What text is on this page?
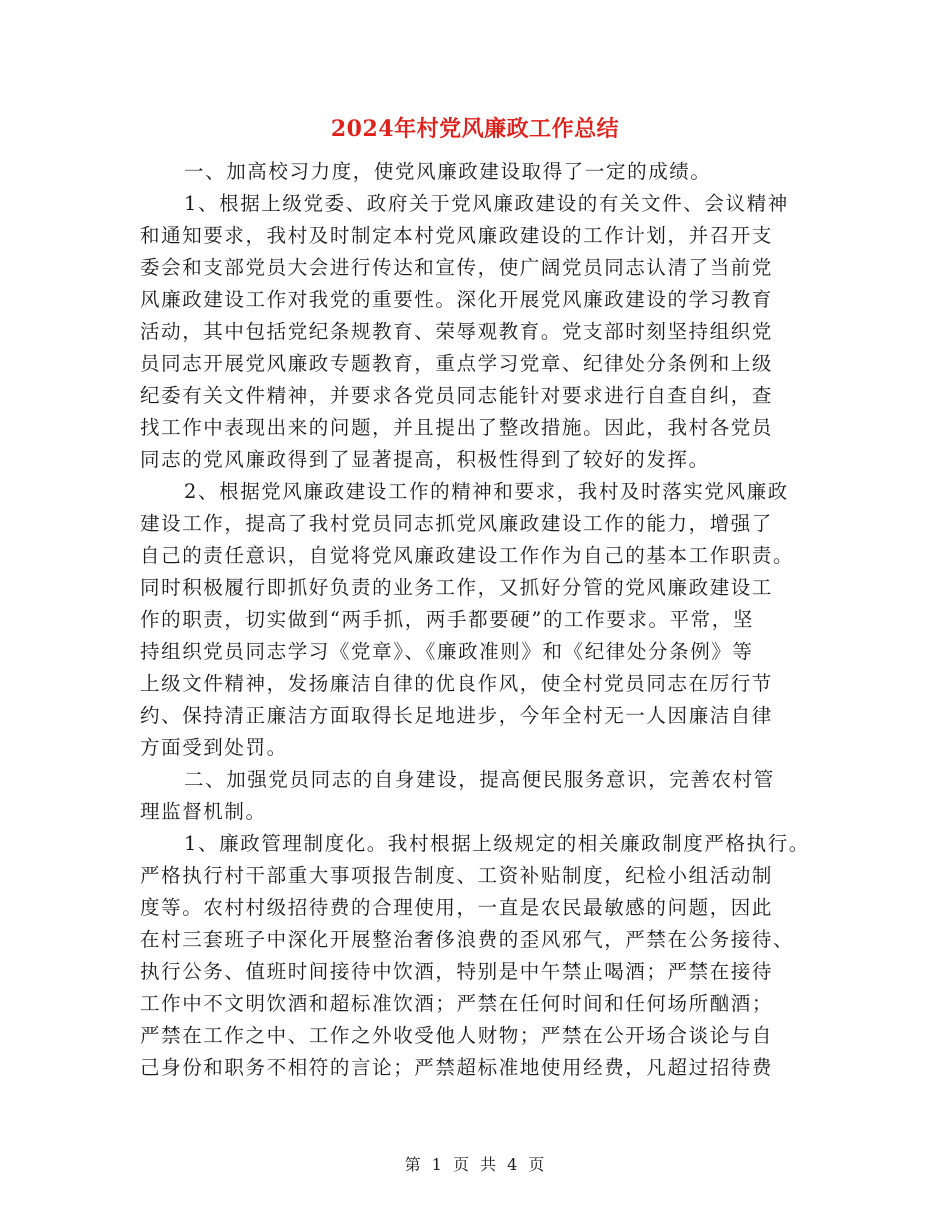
2024年村党风廉政工作总结
一、加高校习力度，使党风廉政建设取得了一定的成绩。
1、根据上级党委、政府关于党风廉政建设的有关文件、会议精神
和通知要求，我村及时制定本村党风廉政建设的工作计划，并召开支
委会和支部党员大会进行传达和宣传，使广阔党员同志认清了当前党
风廉政建设工作对我党的重要性。深化开展党风廉政建设的学习教育
活动，其中包括党纪条规教育、荣辱观教育。党支部时刻坚持组织党
员同志开展党风廉政专题教育，重点学习党章、纪律处分条例和上级
纪委有关文件精神，并要求各党员同志能针对要求进行自查自纠，查
找工作中表现出来的问题，并且提出了整改措施。因此，我村各党员
同志的党风廉政得到了显著提高，积极性得到了较好的发挥。
2、根据党风廉政建设工作的精神和要求，我村及时落实党风廉政
建设工作，提高了我村党员同志抓党风廉政建设工作的能力，增强了
自己的责任意识，自觉将党风廉政建设工作作为自己的基本工作职责。
同时积极履行即抓好负责的业务工作，又抓好分管的党风廉政建设工
作的职责，切实做到“两手抓，两手都要硬”的工作要求。平常，坚
持组织党员同志学习《党章》、《廉政准则》和《纪律处分条例》等
上级文件精神，发扬廉洁自律的优良作风，使全村党员同志在厉行节
约、保持清正廉洁方面取得长足地进步，今年全村无一人因廉洁自律
方面受到处罚。
二、加强党员同志的自身建设，提高便民服务意识，完善农村管
理监督机制。
1、廉政管理制度化。我村根据上级规定的相关廉政制度严格执行。
严格执行村干部重大事项报告制度、工资补贴制度，纪检小组活动制
度等。农村村级招待费的合理使用，一直是农民最敏感的问题，因此
在村三套班子中深化开展整治奢侈浪费的歪风邪气，严禁在公务接待、
执行公务、值班时间接待中饮酒，特别是中午禁止喝酒；严禁在接待
工作中不文明饮酒和超标准饮酒；严禁在任何时间和任何场所酗酒；
严禁在工作之中、工作之外收受他人财物；严禁在公开场合谈论与自
己身份和职务不相符的言论；严禁超标准地使用经费，凡超过招待费
第 1 页 共 4 页
